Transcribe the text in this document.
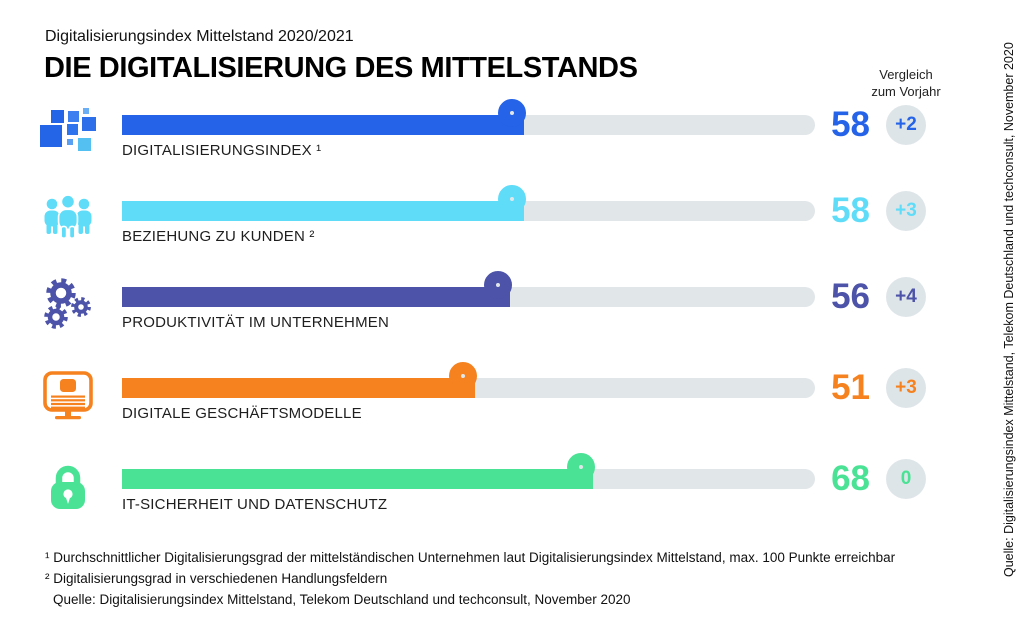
Digitalisierungsindex Mittelstand 2020/2021
DIE DIGITALISIERUNG DES MITTELSTANDS	Vergleich
zum Vorjahr
DIGITALISIERUNGSINDEX ¹
58	+2
BEZIEHUNG ZU KUNDEN ²
58	+3
PRODUKTIVITÄT IM UNTERNEHMEN
56	+4
DIGITALE GESCHÄFTSMODELLE
51	+3
IT-SICHERHEIT UND DATENSCHUTZ
68	0
¹ Durchschnittlicher Digitalisierungsgrad der mittelständischen Unternehmen laut Digitalisierungsindex Mittelstand, max. 100 Punkte erreichbar
² Digitalisierungsgrad in verschiedenen Handlungsfeldern
Quelle: Digitalisierungsindex Mittelstand, Telekom Deutschland und techconsult, November 2020
Quelle: Digitalisierungsindex Mittelstand, Telekom Deutschland und techconsult, November 2020
